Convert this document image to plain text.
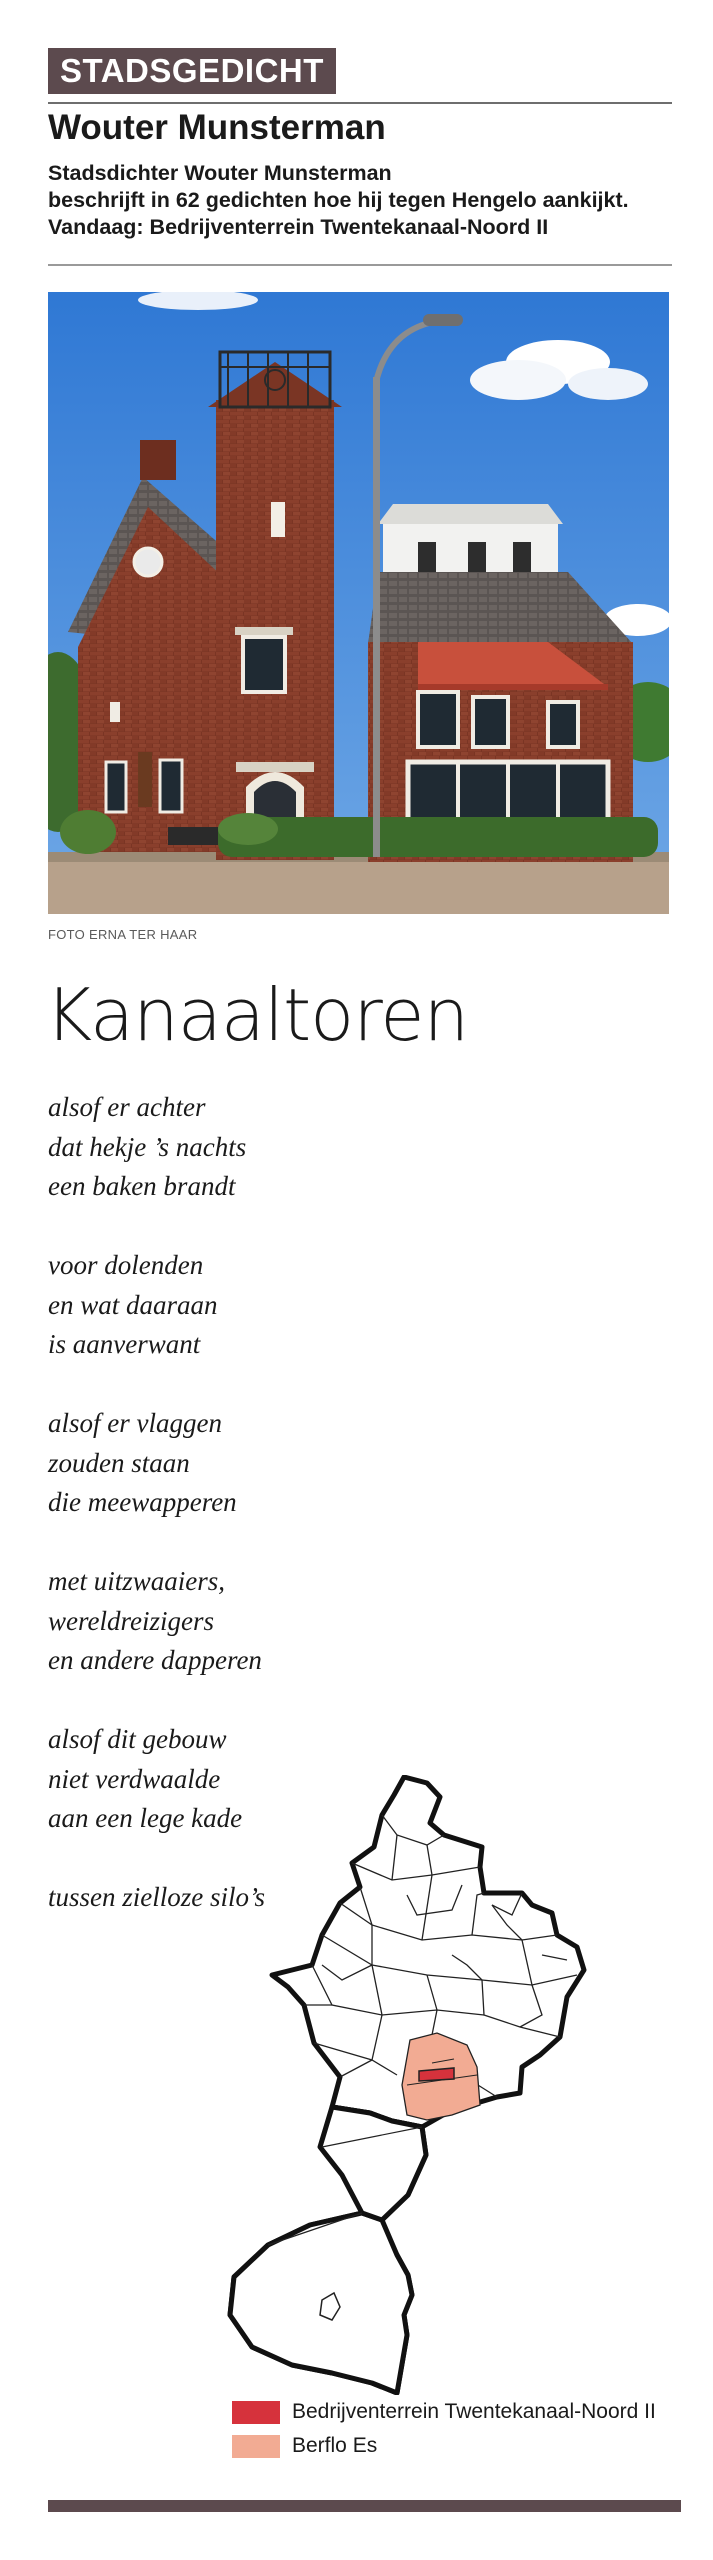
STADSGEDICHT
Wouter Munsterman
Stadsdichter Wouter Munsterman
beschrijft in 62 gedichten hoe hij tegen Hengelo aankijkt.
Vandaag: Bedrijventerrein Twentekanaal-Noord II
FOTO ERNA TER HAAR
Kanaaltoren
alsof er achter
dat hekje ’s nachts
een baken brandt
voor dolenden
en wat daaraan
is aanverwant
alsof er vlaggen
zouden staan
die meewapperen
met uitzwaaiers,
wereldreizigers
en andere dapperen
alsof dit gebouw
niet verdwaalde
aan een lege kade
tussen zielloze silo’s
Bedrijventerrein Twentekanaal-Noord II
Berflo Es
